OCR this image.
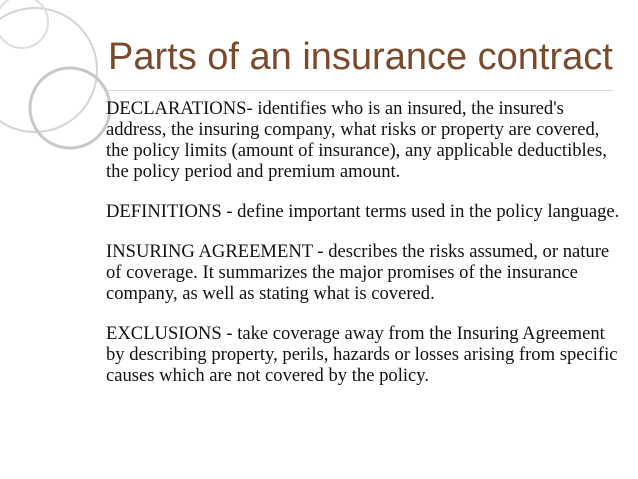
Parts of an insurance contract

DECLARATIONS- identifies who is an insured, the insured's address, the insuring company, what risks or property are covered, the policy limits (amount of insurance), any applicable deductibles, the policy period and premium amount.

DEFINITIONS - define important terms used in the policy language.

INSURING AGREEMENT - describes the risks assumed, or nature of coverage. It summarizes the major promises of the insurance company, as well as stating what is covered.

EXCLUSIONS - take coverage away from the Insuring Agreement by describing property, perils, hazards or losses arising from specific causes which are not covered by the policy.
